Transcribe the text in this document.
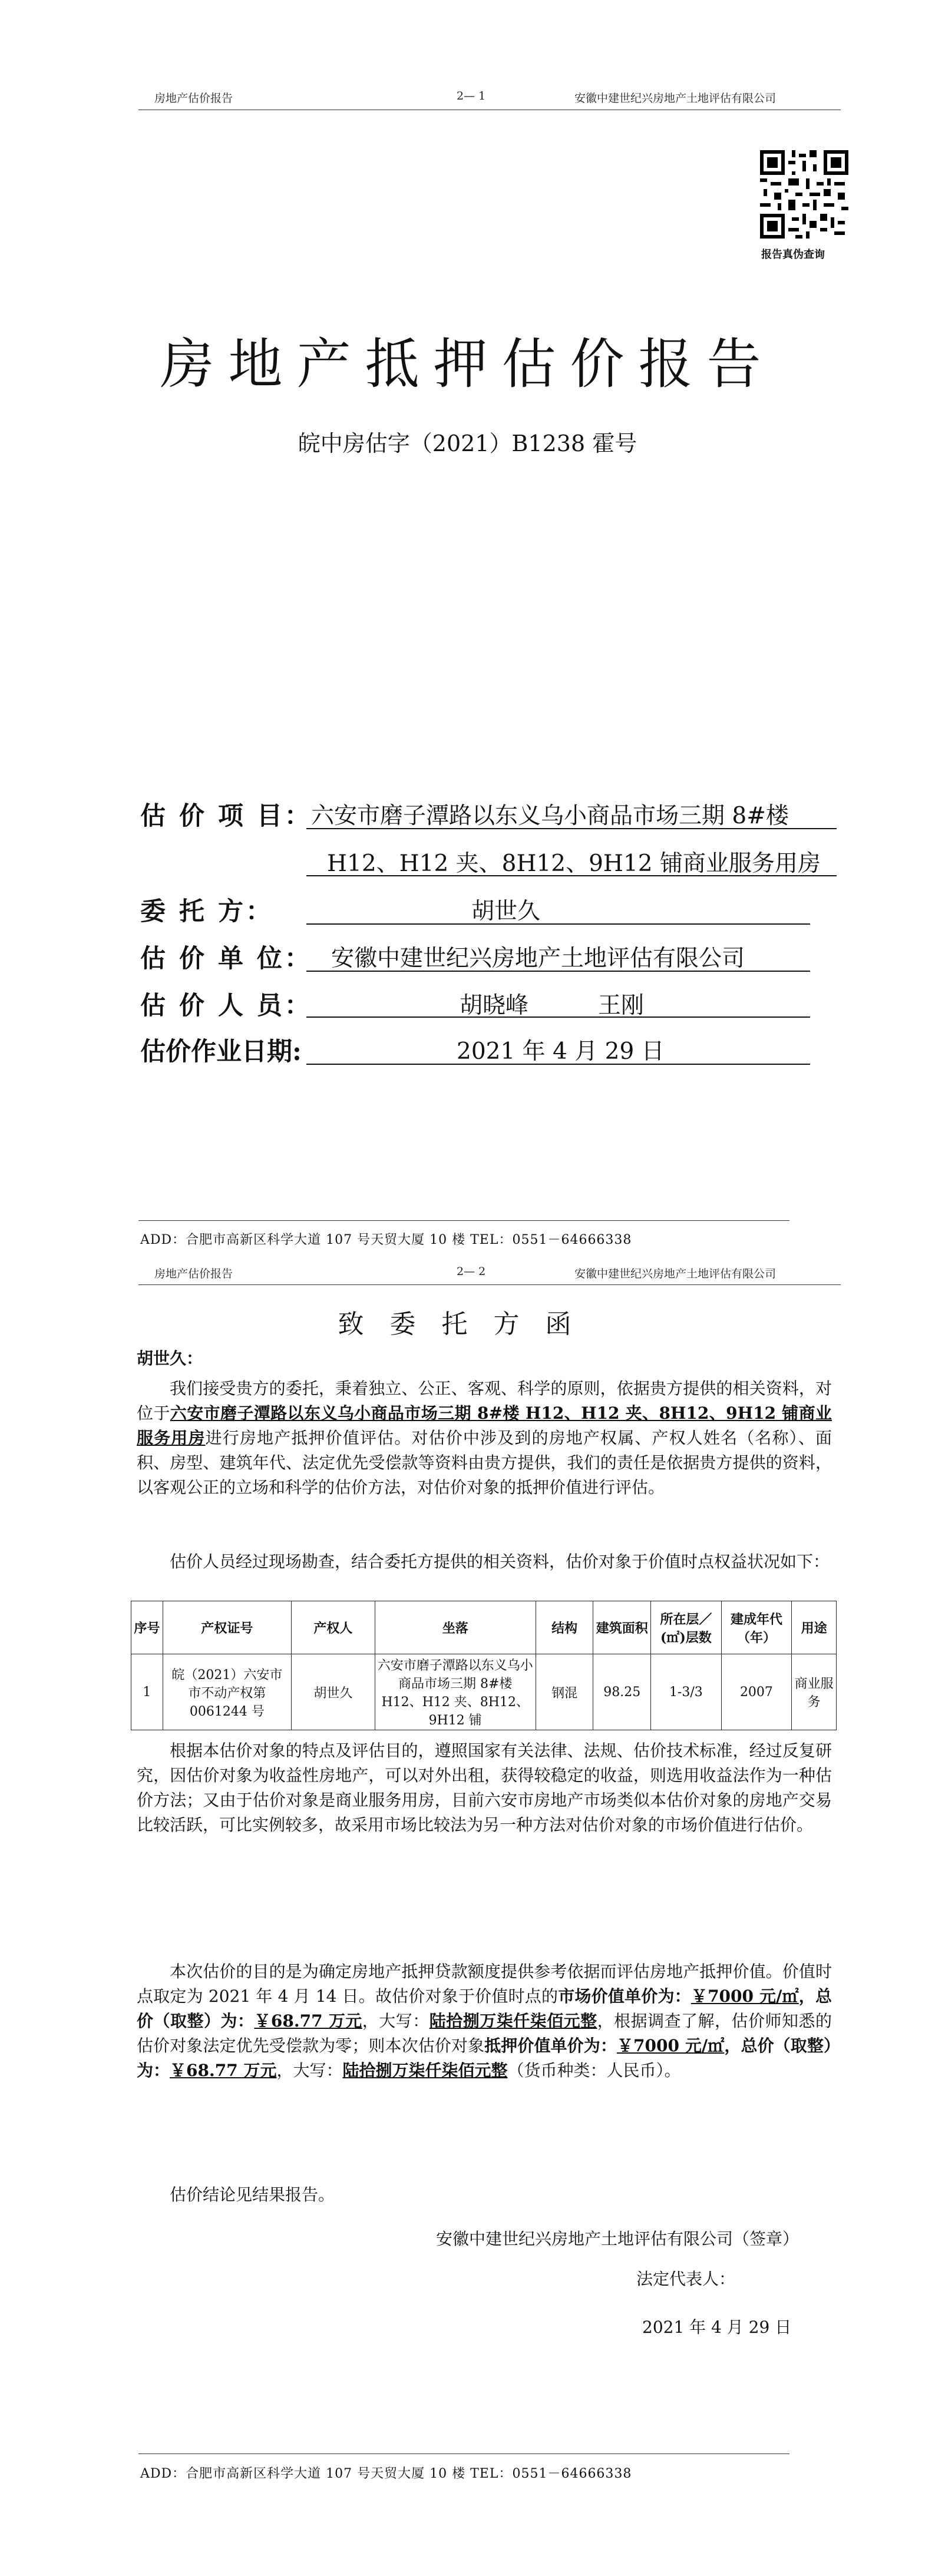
房地产估价报告	2— 1	安徽中建世纪兴房地产土地评估有限公司
报告真伪查询
房地产抵押估价报告
皖中房估字（2021）B1238 霍号
估 价 项 目：
六安市磨子潭路以东义乌小商品市场三期 8#楼
H12、H12 夹、8H12、9H12 铺商业服务用房
委 托 方：	胡世久
估 价 单 位： 安徽中建世纪兴房地产土地评估有限公司
估 价 人 员：	胡晓峰	王刚
估价作业日期:	2021 年 4 月 29 日
ADD：合肥市高新区科学大道 107 号天贸大厦 10 楼 TEL：0551－64666338
房地产估价报告	2— 2	安徽中建世纪兴房地产土地评估有限公司
致委托方函
胡世久：
我们接受贵方的委托，秉着独立、公正、客观、科学的原则，依据贵方提供的相关资料，对位于六安市磨子潭路以东义乌小商品市场三期 8#楼 H12、H12 夹、8H12、9H12 铺商业服务用房进行房地产抵押价值评估。对估价中涉及到的房地产权属、产权人姓名（名称）、面积、房型、建筑年代、法定优先受偿款等资料由贵方提供，我们的责任是依据贵方提供的资料，以客观公正的立场和科学的估价方法，对估价对象的抵押价值进行评估。
估价人员经过现场勘查，结合委托方提供的相关资料，估价对象于价值时点权益状况如下：
序号	产权证号	产权人	坐落	结构	建筑面积	所在层／(㎡)层数	建成年代（年）	用途
1	皖（2021）六安市市不动产权第 0061244 号	胡世久	六安市磨子潭路以东义乌小商品市场三期 8#楼 H12、H12 夹、8H12、9H12 铺	钢混	98.25	1-3/3	2007	商业服务
根据本估价对象的特点及评估目的，遵照国家有关法律、法规、估价技术标准，经过反复研究，因估价对象为收益性房地产，可以对外出租，获得较稳定的收益，则选用收益法作为一种估价方法；又由于估价对象是商业服务用房，目前六安市房地产市场类似本估价对象的房地产交易比较活跃，可比实例较多，故采用市场比较法为另一种方法对估价对象的市场价值进行估价。
本次估价的目的是为确定房地产抵押贷款额度提供参考依据而评估房地产抵押价值。价值时点取定为 2021 年 4 月 14 日。故估价对象于价值时点的市场价值单价为：￥7000 元/㎡，总价（取整）为：￥68.77 万元，大写：陆拾捌万柒仟柒佰元整，根据调查了解，估价师知悉的估价对象法定优先受偿款为零；则本次估价对象抵押价值单价为：￥7000 元/㎡，总价（取整）为：￥68.77 万元，大写：陆拾捌万柒仟柒佰元整（货币种类：人民币）。
估价结论见结果报告。
安徽中建世纪兴房地产土地评估有限公司（签章）
法定代表人：
2021 年 4 月 29 日
ADD：合肥市高新区科学大道 107 号天贸大厦 10 楼 TEL：0551－64666338
